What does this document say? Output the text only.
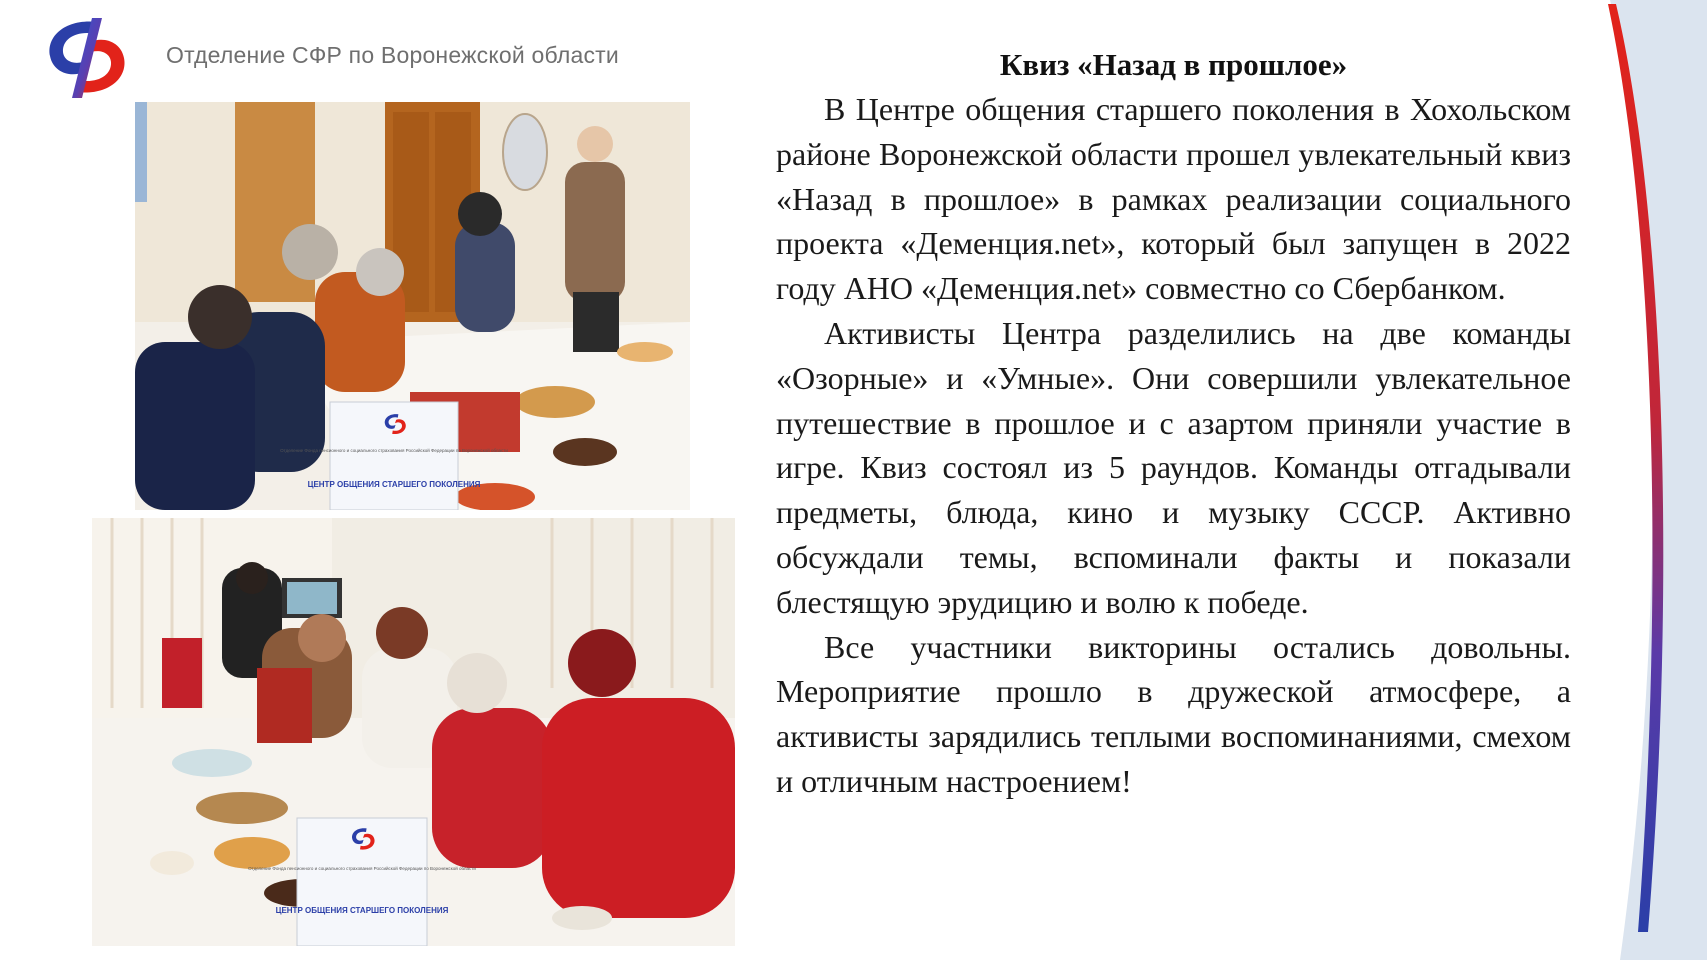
Отделение СФР по Воронежской области
Отделение Фонда пенсионного и социального страхования Российской Федерации по Воронежской области
ЦЕНТР ОБЩЕНИЯ СТАРШЕГО ПОКОЛЕНИЯ
Отделение Фонда пенсионного и социального страхования Российской Федерации по Воронежской области
ЦЕНТР ОБЩЕНИЯ СТАРШЕГО ПОКОЛЕНИЯ
Квиз «Назад в прошлое»

В Центре общения старшего поколения в Хохольском районе Воронежской области прошел увлекательный квиз «Назад в прошлое» в рамках реализации социального проекта «Деменция.net», который был запущен в 2022 году АНО «Деменция.net» совместно со Сбербанком.

Активисты Центра разделились на две команды «Озорные» и «Умные». Они совершили увлекательное путешествие в прошлое и с азартом приняли участие в игре. Квиз состоял из 5 раундов. Команды отгадывали предметы, блюда, кино и музыку СССР. Активно обсуждали темы, вспоминали факты и показали блестящую эрудицию и волю к победе.

Все участники викторины остались довольны. Мероприятие прошло в дружеской атмосфере, а активисты зарядились теплыми воспоминаниями, смехом и отличным настроением!
